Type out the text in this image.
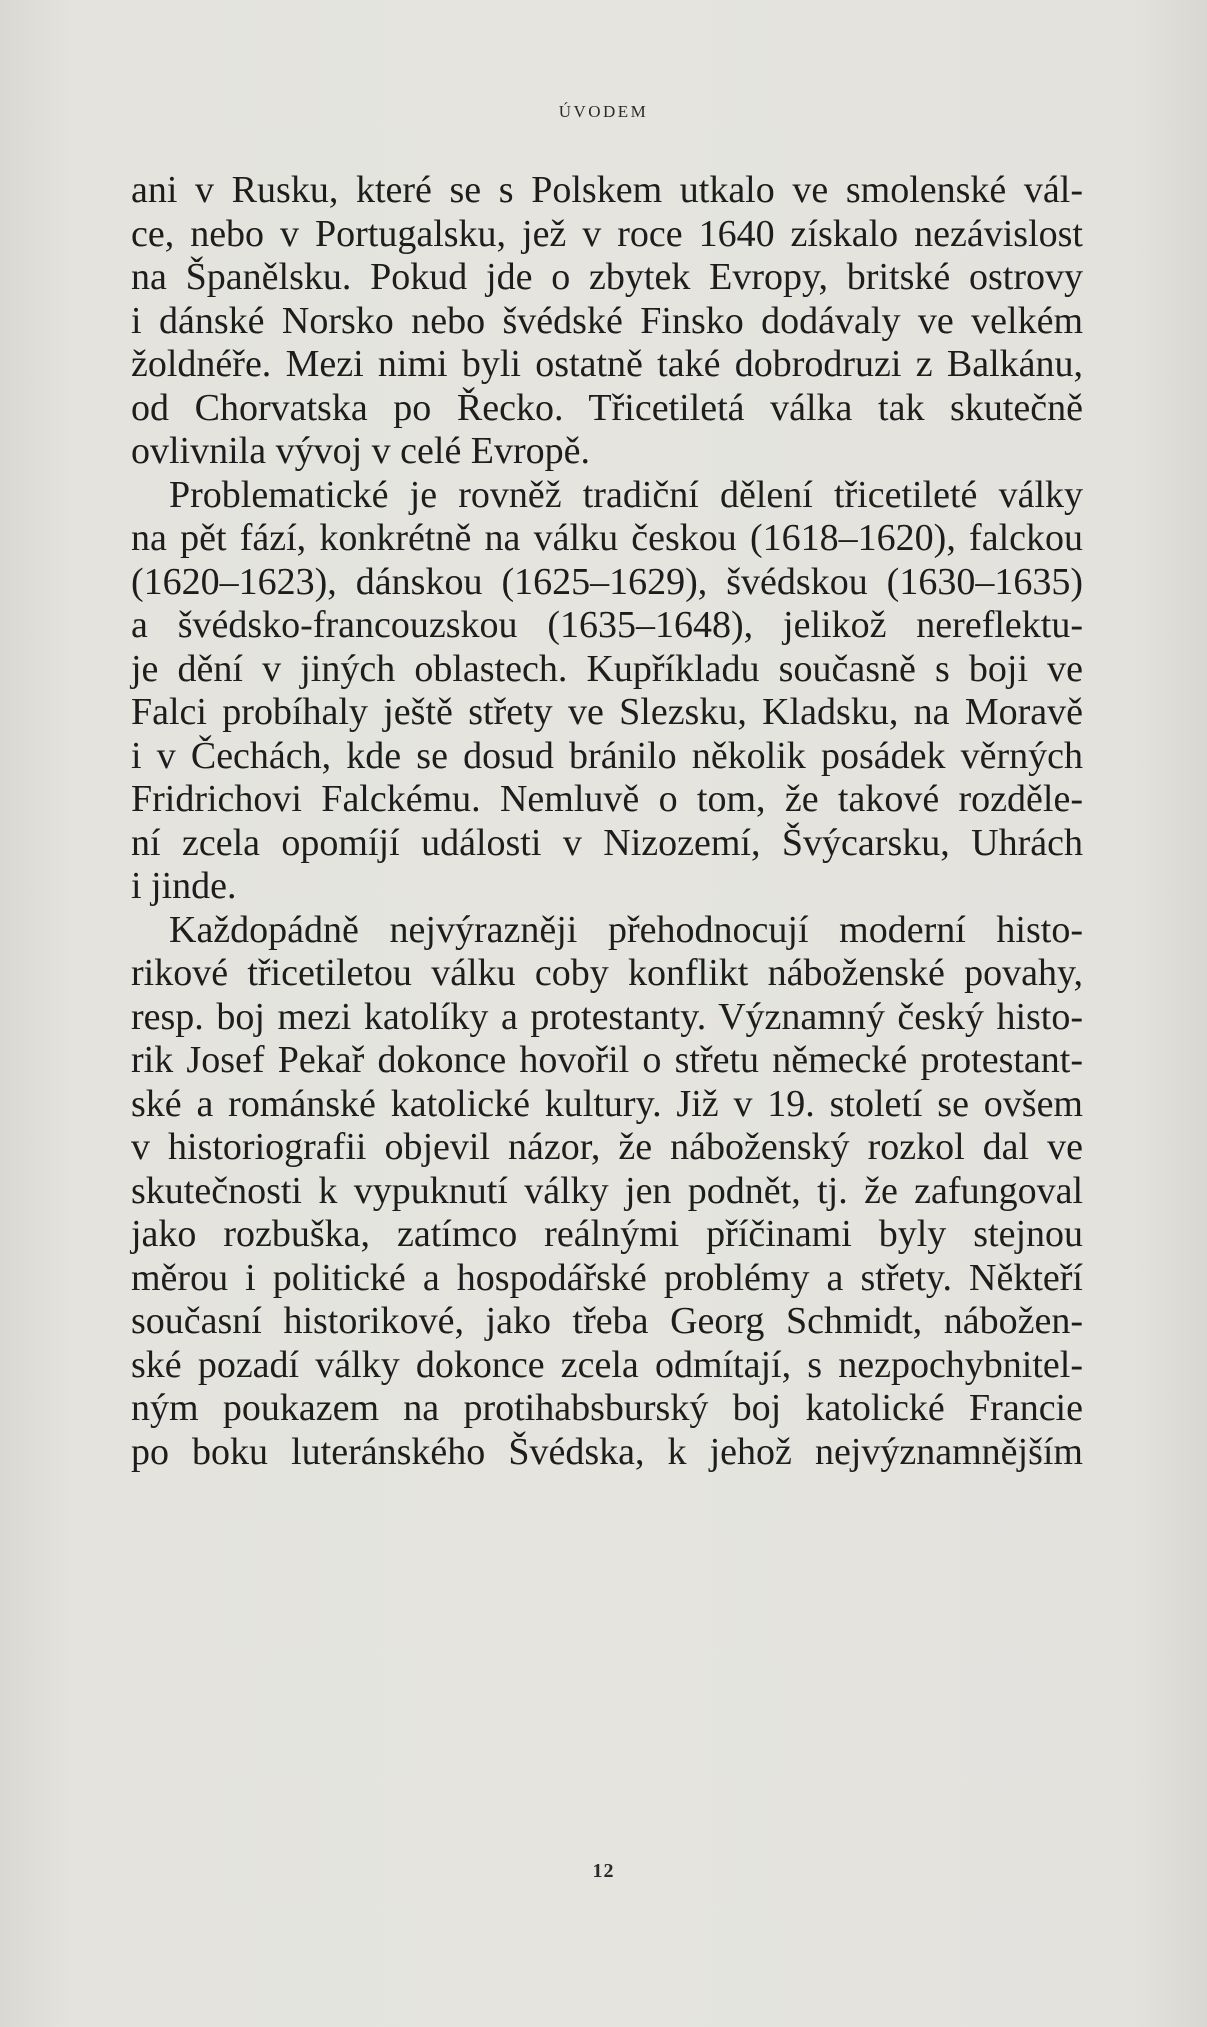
ÚVODEM
ani v Rusku, které se s Polskem utkalo ve smolenské vál-
ce, nebo v Portugalsku, jež v roce 1640 získalo nezávislost
na Španělsku. Pokud jde o zbytek Evropy, britské ostrovy
i dánské Norsko nebo švédské Finsko dodávaly ve velkém
žoldnéře. Mezi nimi byli ostatně také dobrodruzi z Balkánu,
od Chorvatska po Řecko. Třicetiletá válka tak skutečně
ovlivnila vývoj v celé Evropě.
Problematické je rovněž tradiční dělení třicetileté války
na pět fází, konkrétně na válku českou (1618–1620), falckou
(1620–1623), dánskou (1625–1629), švédskou (1630–1635)
a švédsko-francouzskou (1635–1648), jelikož nereflektu-
je dění v jiných oblastech. Kupříkladu současně s boji ve
Falci probíhaly ještě střety ve Slezsku, Kladsku, na Moravě
i v Čechách, kde se dosud bránilo několik posádek věrných
Fridrichovi Falckému. Nemluvě o tom, že takové rozděle-
ní zcela opomíjí události v Nizozemí, Švýcarsku, Uhrách
i jinde.
Každopádně nejvýrazněji přehodnocují moderní histo-
rikové třicetiletou válku coby konflikt náboženské povahy,
resp. boj mezi katolíky a protestanty. Významný český histo-
rik Josef Pekař dokonce hovořil o střetu německé protestant-
ské a románské katolické kultury. Již v 19. století se ovšem
v historiografii objevil názor, že náboženský rozkol dal ve
skutečnosti k vypuknutí války jen podnět, tj. že zafungoval
jako rozbuška, zatímco reálnými příčinami byly stejnou
měrou i politické a hospodářské problémy a střety. Někteří
současní historikové, jako třeba Georg Schmidt, nábožen-
ské pozadí války dokonce zcela odmítají, s nezpochybnitel-
ným poukazem na protihabsburský boj katolické Francie
po boku luteránského Švédska, k jehož nejvýznamnějším
12
